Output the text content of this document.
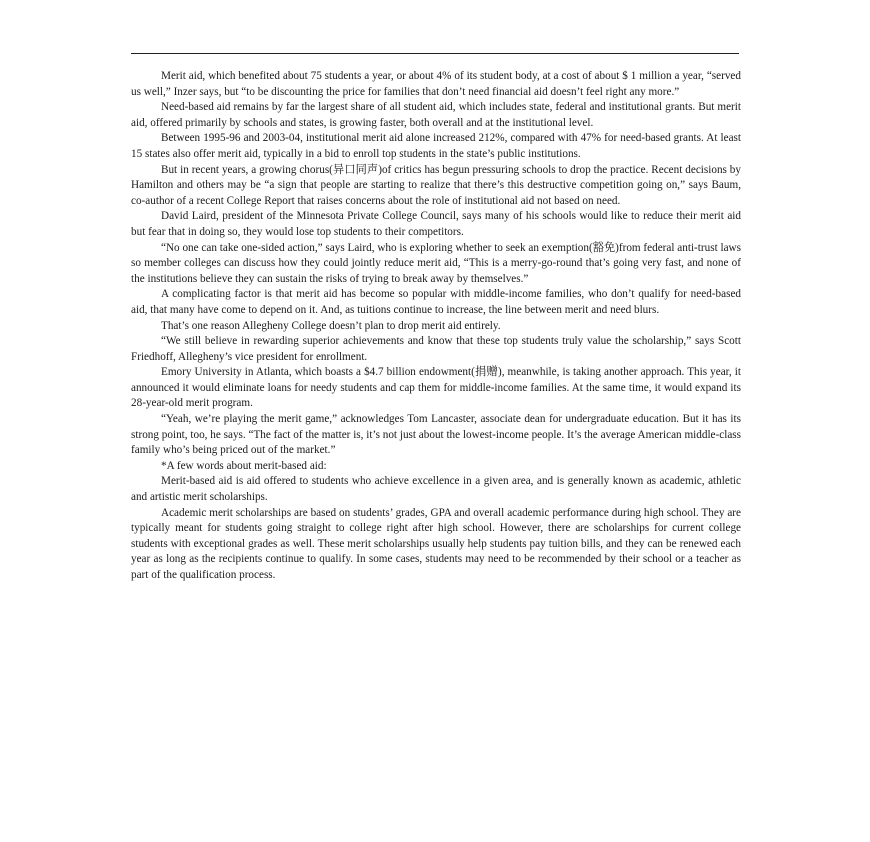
Merit aid, which benefited about 75 students a year, or about 4% of its student body, at a cost of about $ 1 million a year, “served us well,” Inzer says, but “to be discounting the price for families that don’t need financial aid doesn’t feel right any more.”

Need-based aid remains by far the largest share of all student aid, which includes state, federal and institutional grants. But merit aid, offered primarily by schools and states, is growing faster, both overall and at the institutional level.

Between 1995-96 and 2003-04, institutional merit aid alone increased 212%, compared with 47% for need-based grants. At least 15 states also offer merit aid, typically in a bid to enroll top students in the state’s public institutions.

But in recent years, a growing chorus(异口同声)of critics has begun pressuring schools to drop the practice. Recent decisions by Hamilton and others may be “a sign that people are starting to realize that there’s this destructive competition going on,” says Baum, co-author of a recent College Report that raises concerns about the role of institutional aid not based on need.

David Laird, president of the Minnesota Private College Council, says many of his schools would like to reduce their merit aid but fear that in doing so, they would lose top students to their competitors.

“No one can take one-sided action,” says Laird, who is exploring whether to seek an exemption(豁免)from federal anti-trust laws so member colleges can discuss how they could jointly reduce merit aid, “This is a merry-go-round that’s going very fast, and none of the institutions believe they can sustain the risks of trying to break away by themselves.”

A complicating factor is that merit aid has become so popular with middle-income families, who don’t qualify for need-based aid, that many have come to depend on it. And, as tuitions continue to increase, the line between merit and need blurs.

That’s one reason Allegheny College doesn’t plan to drop merit aid entirely.

“We still believe in rewarding superior achievements and know that these top students truly value the scholarship,” says Scott Friedhoff, Allegheny’s vice president for enrollment.

Emory University in Atlanta, which boasts a $4.7 billion endowment(捐赠), meanwhile, is taking another approach. This year, it announced it would eliminate loans for needy students and cap them for middle-income families. At the same time, it would expand its 28-year-old merit program.

“Yeah, we’re playing the merit game,” acknowledges Tom Lancaster, associate dean for undergraduate education. But it has its strong point, too, he says. “The fact of the matter is, it’s not just about the lowest-income people. It’s the average American middle-class family who’s being priced out of the market.”

*A few words about merit-based aid:

Merit-based aid is aid offered to students who achieve excellence in a given area, and is generally known as academic, athletic and artistic merit scholarships.

Academic merit scholarships are based on students’ grades, GPA and overall academic performance during high school. They are typically meant for students going straight to college right after high school. However, there are scholarships for current college students with exceptional grades as well. These merit scholarships usually help students pay tuition bills, and they can be renewed each year as long as the recipients continue to qualify. In some cases, students may need to be recommended by their school or a teacher as part of the qualification process.
